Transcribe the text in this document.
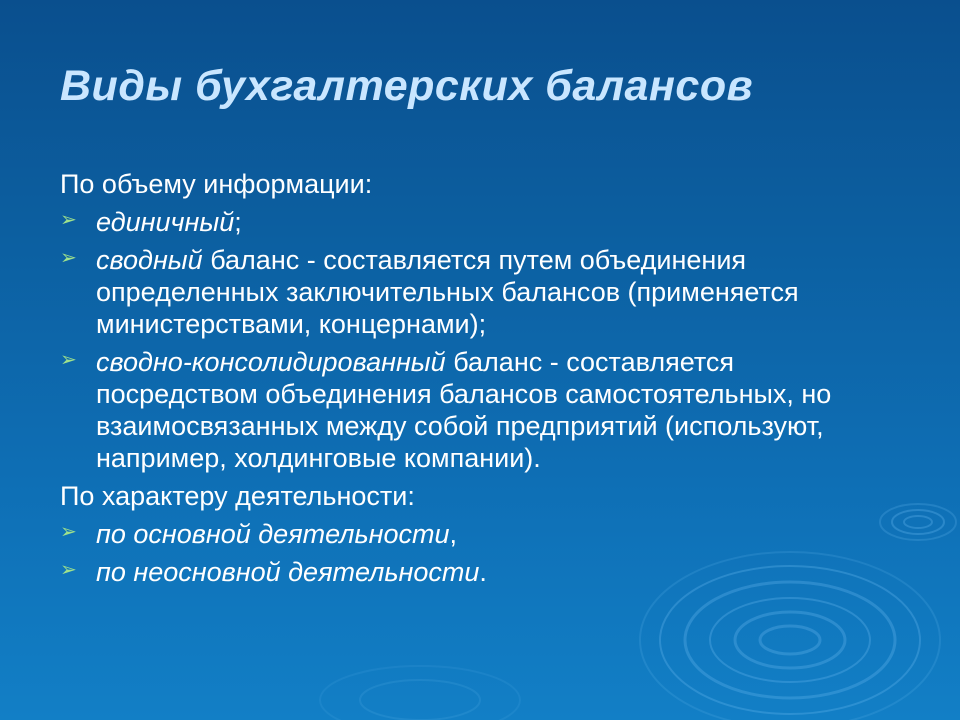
Виды бухгалтерских балансов

По объему информации:

➢ единичный;
➢ сводный баланс - составляется путем объединения определенных заключительных балансов (применяется министерствами, концернами);
➢ сводно-консолидированный баланс - составляется посредством объединения балансов самостоятельных, но взаимосвязанных между собой предприятий (используют, например, холдинговые компании).

По характеру деятельности:

➢ по основной деятельности,
➢ по неосновной деятельности.
